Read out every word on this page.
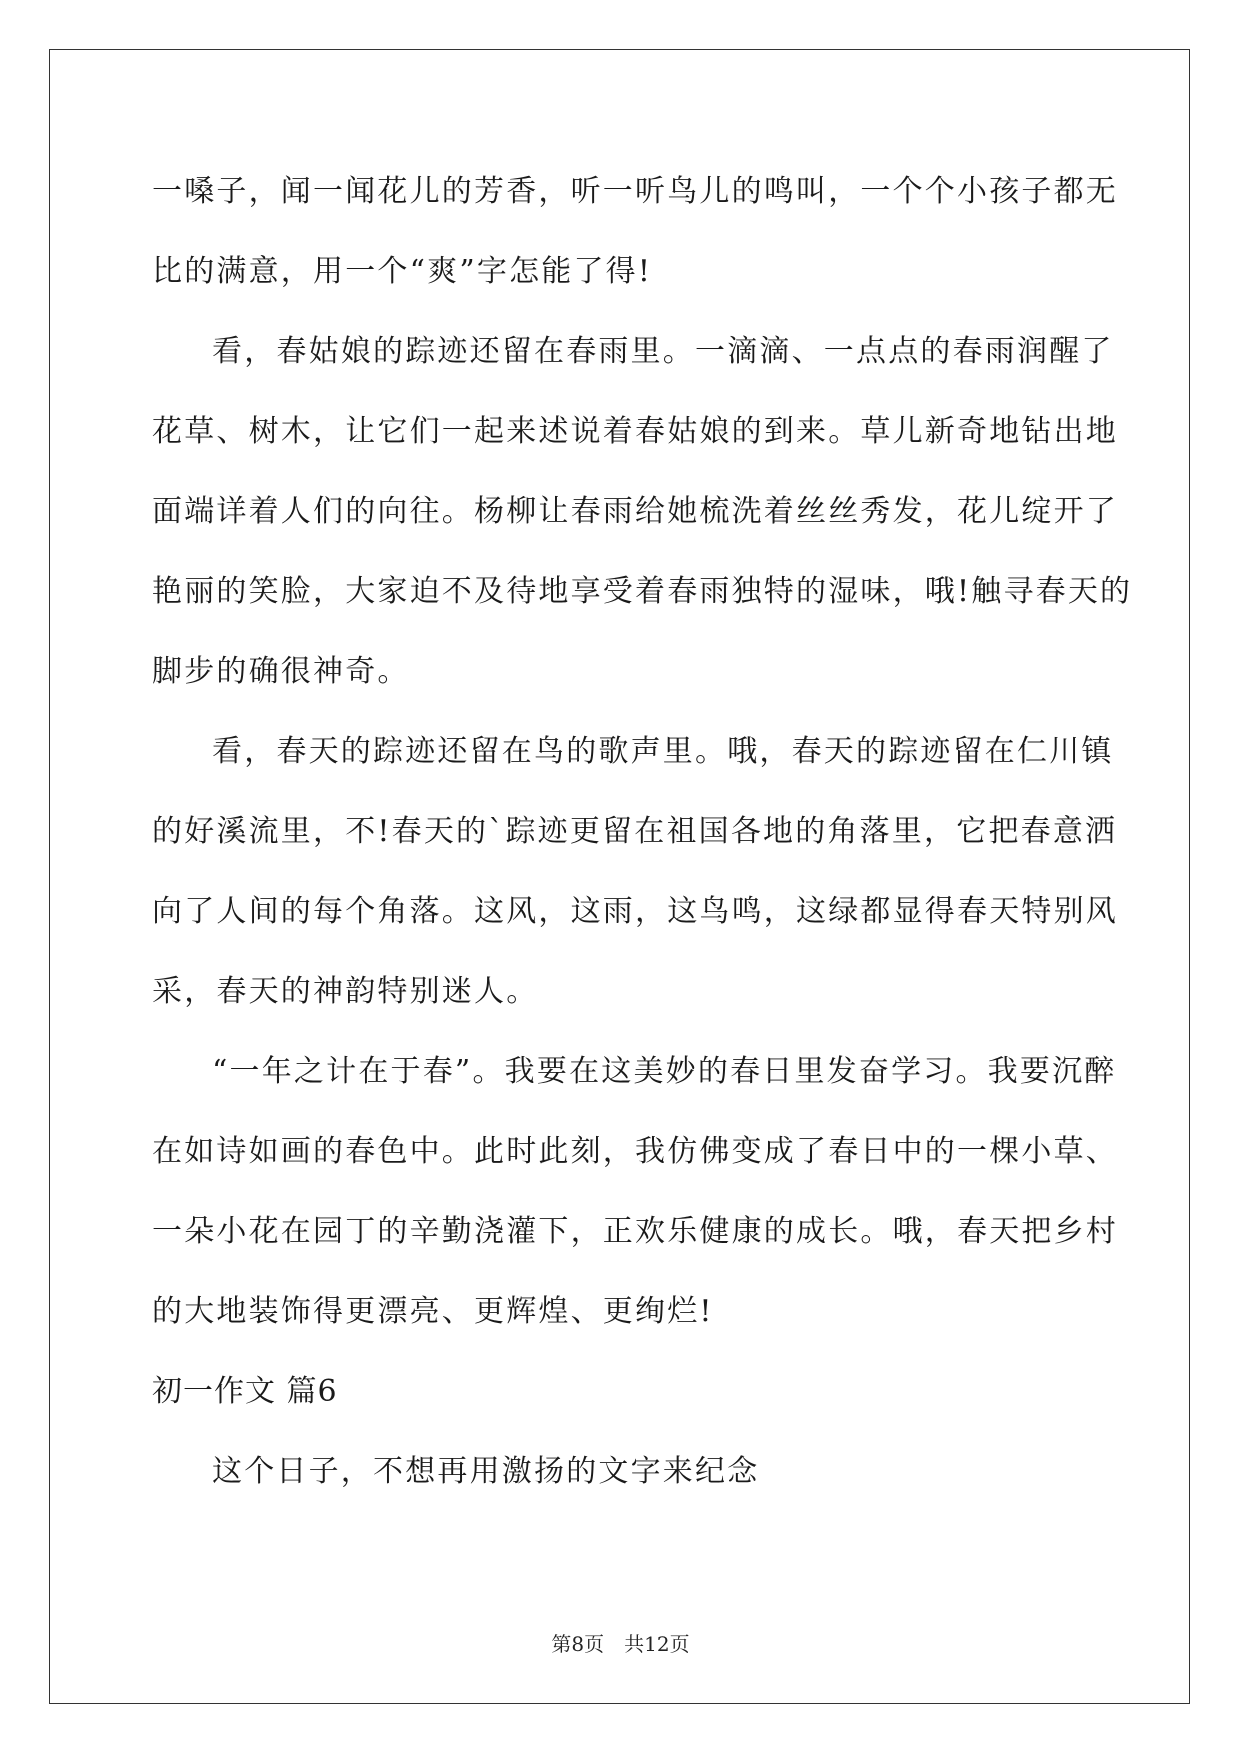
一嗓子，闻一闻花儿的芳香，听一听鸟儿的鸣叫，一个个小孩子都无
比的满意，用一个“爽”字怎能了得!
看，春姑娘的踪迹还留在春雨里。一滴滴、一点点的春雨润醒了
花草、树木，让它们一起来述说着春姑娘的到来。草儿新奇地钻出地
面端详着人们的向往。杨柳让春雨给她梳洗着丝丝秀发，花儿绽开了
艳丽的笑脸，大家迫不及待地享受着春雨独特的湿味，哦!触寻春天的
脚步的确很神奇。
看，春天的踪迹还留在鸟的歌声里。哦，春天的踪迹留在仁川镇
的好溪流里，不!春天的`踪迹更留在祖国各地的角落里，它把春意洒
向了人间的每个角落。这风，这雨，这鸟鸣，这绿都显得春天特别风
采，春天的神韵特别迷人。
“一年之计在于春”。我要在这美妙的春日里发奋学习。我要沉醉
在如诗如画的春色中。此时此刻，我仿佛变成了春日中的一棵小草、
一朵小花在园丁的辛勤浇灌下，正欢乐健康的成长。哦，春天把乡村
的大地装饰得更漂亮、更辉煌、更绚烂!
初一作文 篇6
这个日子，不想再用激扬的文字来纪念
第8页　共12页
